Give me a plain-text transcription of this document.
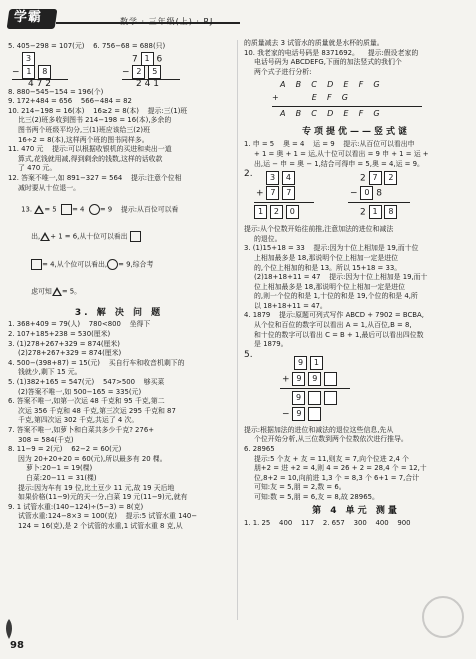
学霸	数学 · 三年级(上) · RJ
5. 405−298 = 107(元)    6. 756−68 = 688(只)
3
− 1 8
4 7 2
7 1 6
− 2 5
2 4 1
8. 880−545−154 = 196(个)
9. 172+484 = 656    566−484 = 82
10. 214−198 = 16(本)    16≥2 = 8(本)    提示:三(1)班
比三(2)班多收到图书 214−198 = 16(本),多余的
图书两个班级平均分,三(1)班应该给三(2)班
16÷2 = 8(本),这样两个班的图书同样多。
11. 470 元    提示:可以根据收银机的买进和卖出一道
算式,花钱就用减,得到剩余的钱数,这样的话收款
了 470 元。
12. 答案不唯一,如 891−327 = 564    提示:注意个位相
减时要从十位退一。

13. = 5 = 4 = 9    提示:从百位可以看

出, + 1 = 6,从十位可以看出

= 4,从个位可以看出, = 9,综合考

虑可知 = 5。

3. 解 决 问 题
1. 368+409 = 79(人)    780<800    坐得下
2. 107+185+238 = 530(厘米)
3. (1)278+267+329 = 874(厘米)
(2)278+267+329 = 874(厘米)
4. 500−(398+87) = 15(元)    买自行车和收音机剩下的
钱就少,剩下 15 元。
5. (1)382+165 = 547(元)    547>500    够买菜
(2)答案不唯一,如 500−165 = 335(元)
6. 答案不唯一,如第一次运 48 千克和 95 千克,第二
次运 356 千克和 48 千克,第三次运 295 千克和 87
千克,第四次运 302 千克,共运了 4 次。
7. 答案不唯一,如萝卜和白菜共多少千克? 276+
308 = 584(千克)
8. 11−9 = 2(元)    62−2 = 60(元)
因为 20+20+20 = 60(元),所以最多有 20 棵。
萝卜:20−1 = 19(棵)
白菜:20−11 = 31(棵)
提示:因为车有 19 位,比土豆少 11 元,故 19 天后地
如果价格(11−9)元的天一分,白菜 19 元(11−9)元,就有
9. 1 试管水重:(140−124)÷(5−3) = 8(克)
试管水重:124−8×3 = 100(克)    提示:5 试管水重 140−
124 = 16(克),是 2 个试管的水重,1 试管水重 8 克,从
的质量减去 3 试管水的质量就是水杯的质量。
10. 我老家的电话号码是 8371692。    提示:假设老家的
电话号码为 ABCDEFG,下面的加法竖式的我们个
两个式子进行分析:
A    B    C    D    E    F    G
+             E    F    G
A    B    C    D    E    F    G
专项提优——竖式谜
1. 申 = 5    奥 = 4    运 = 9    提示:从百位可以看出申
+ 1 = 奥 + 1 = 运,从十位可以看出 = 9 申 + 1 = 运 +
出,运 − 申 = 奥 − 1,结合可得申 = 5,奥 = 4,运 = 9。
2.	3 4
+ 7 7
1 2 0
2 7 2
− 0 8
2 1 8
提示:从个位数开始往前推,注意加法的进位和减法
的退位。
3. (1)15+18 = 33    提示:因为十位上相加是 19,而十位
上相加最多是 18,那说明个位上相加一定是进位
的,个位上相加的和是 13。所以 15+18 = 33。
(2)18+18+11 = 47    提示:因为十位上相加是 19,而十
位上相加最多是 18,那说明个位上相加一定是进位
的,则一个位的和是 1,十位的和是 19,个位的和是 4,所
以 18+18+11 = 47。
4. 1879    提示:原题可列式写作 ABCD + 7902 = BCBA,
从个位和百位的数字可以看出 A = 1,从百位,B = 8,
和十位的数字可以看出 C = B + 1,最后可以看出四位数
是 1879。
5.
9 1
+ 9 9
9
− 9
提示:根据加法的进位和减法的退位这些信息,先从
个位开始分析,从三位数到两个位数依次进行推导。
6. 28965
提示:5 个友 + 友 = 11,则友 = 7,向个位进 2,4 个
朋+2 = 进 +2 = 4,则 4 = 26 + 2 = 28,4 个 = 12,十
位,8+2 = 10,向前进 1,3 个 = 8,3 个 6+1 = 7,合计
可知:友 = 5,朋 = 2,数 = 6。
可知:数 = 5,朋 = 6,友 = 8,故 28965。
第 4 单元 测量
1. 1. 25    400    117    2. 657    300    400    900
98
